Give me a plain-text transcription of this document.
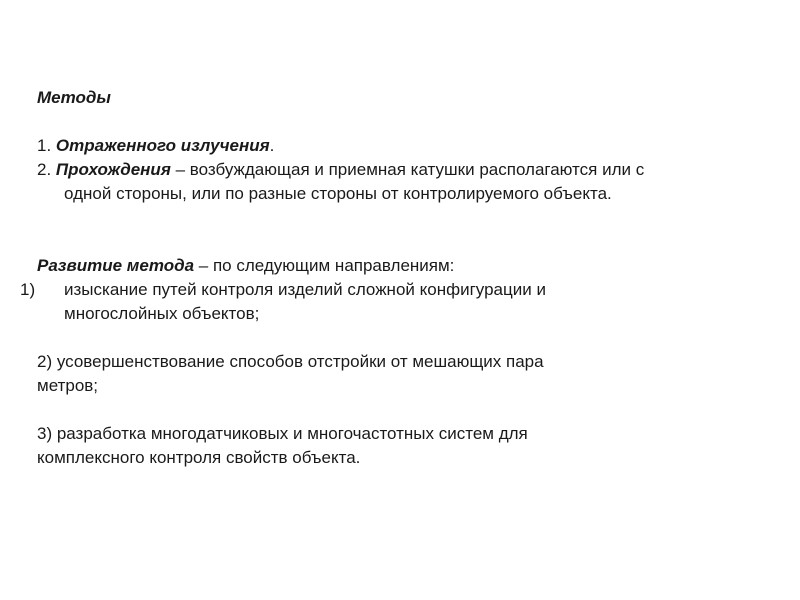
Методы
1. Отраженного излучения.
2. Прохождения – возбуждающая и приемная катушки располагаются или с
одной стороны, или по разные стороны от контролируемого объекта.
Развитие метода – по следующим направлениям:
1) изыскание путей контроля изделий сложной конфигурации и
многослойных объектов;
2) усовершенствование способов отстройки от мешающих пара
метров;
3) разработка многодатчиковых и многочастотных систем для
комплексного контроля свойств объекта.
